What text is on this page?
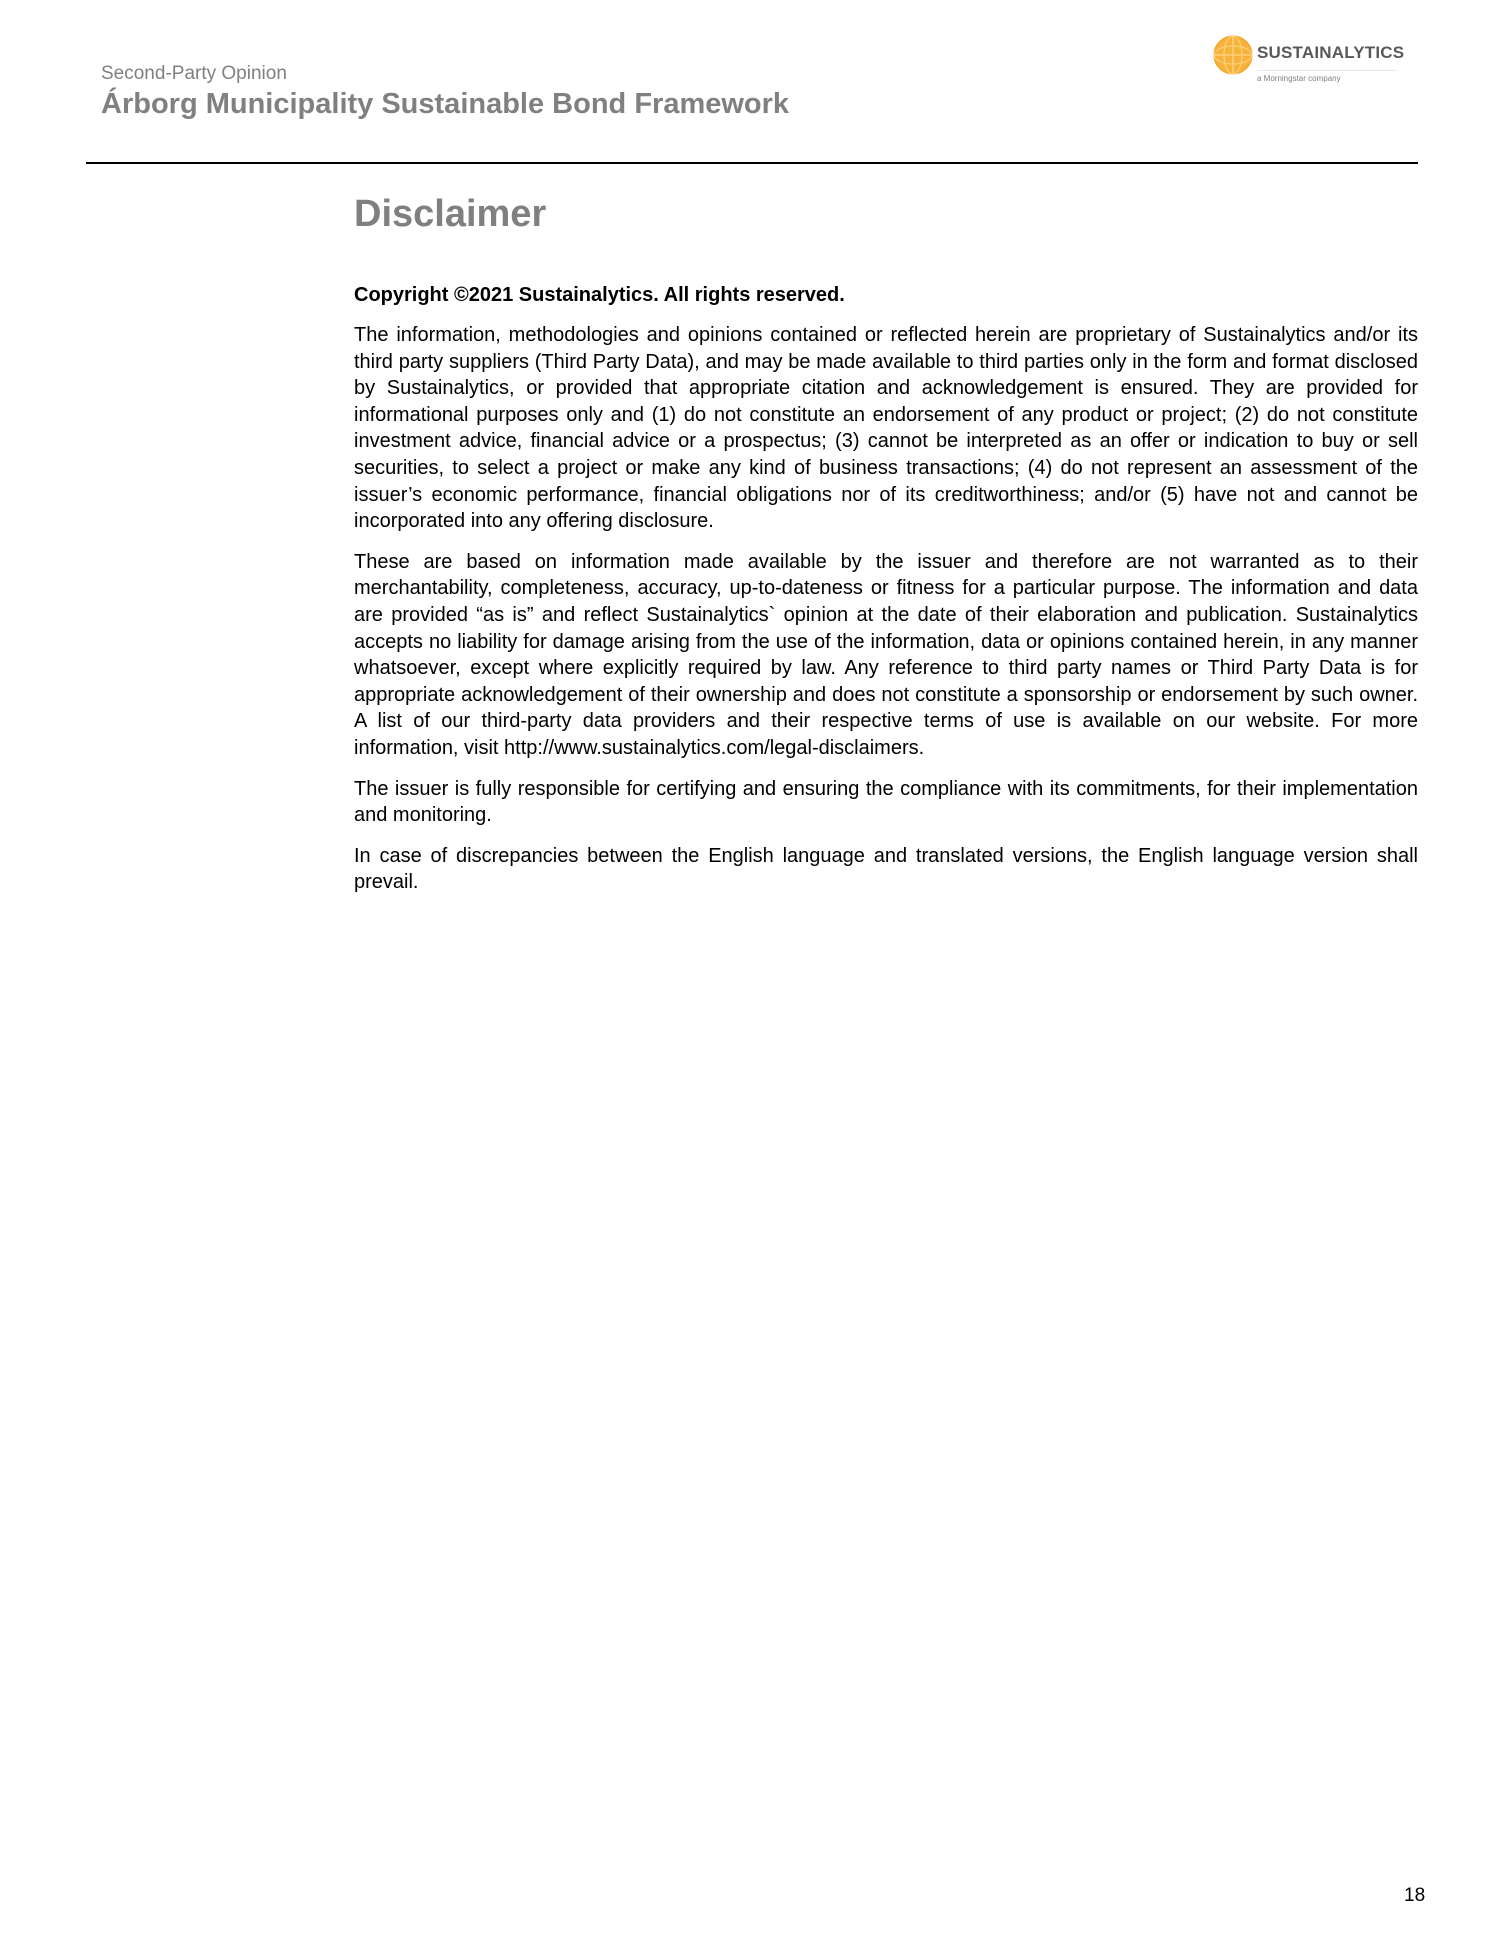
Second-Party Opinion
Árborg Municipality Sustainable Bond Framework
SUSTAINALYTICS
a Morningstar company
Disclaimer
Copyright ©2021 Sustainalytics. All rights reserved.

The information, methodologies and opinions contained or reflected herein are proprietary of Sustainalytics and/or its third party suppliers (Third Party Data), and may be made available to third parties only in the form and format disclosed by Sustainalytics, or provided that appropriate citation and acknowledgement is ensured. They are provided for informational purposes only and (1) do not constitute an endorsement of any product or project; (2) do not constitute investment advice, financial advice or a prospectus; (3) cannot be interpreted as an offer or indication to buy or sell securities, to select a project or make any kind of business transactions; (4) do not represent an assessment of the issuer’s economic performance, financial obligations nor of its creditworthiness; and/or (5) have not and cannot be incorporated into any offering disclosure.

These are based on information made available by the issuer and therefore are not warranted as to their merchantability, completeness, accuracy, up-to-dateness or fitness for a particular purpose. The information and data are provided “as is” and reflect Sustainalytics` opinion at the date of their elaboration and publication. Sustainalytics accepts no liability for damage arising from the use of the information, data or opinions contained herein, in any manner whatsoever, except where explicitly required by law. Any reference to third party names or Third Party Data is for appropriate acknowledgement of their ownership and does not constitute a sponsorship or endorsement by such owner. A list of our third-party data providers and their respective terms of use is available on our website. For more information, visit http://www.sustainalytics.com/legal-disclaimers.

The issuer is fully responsible for certifying and ensuring the compliance with its commitments, for their implementation and monitoring.

In case of discrepancies between the English language and translated versions, the English language version shall prevail.

18
